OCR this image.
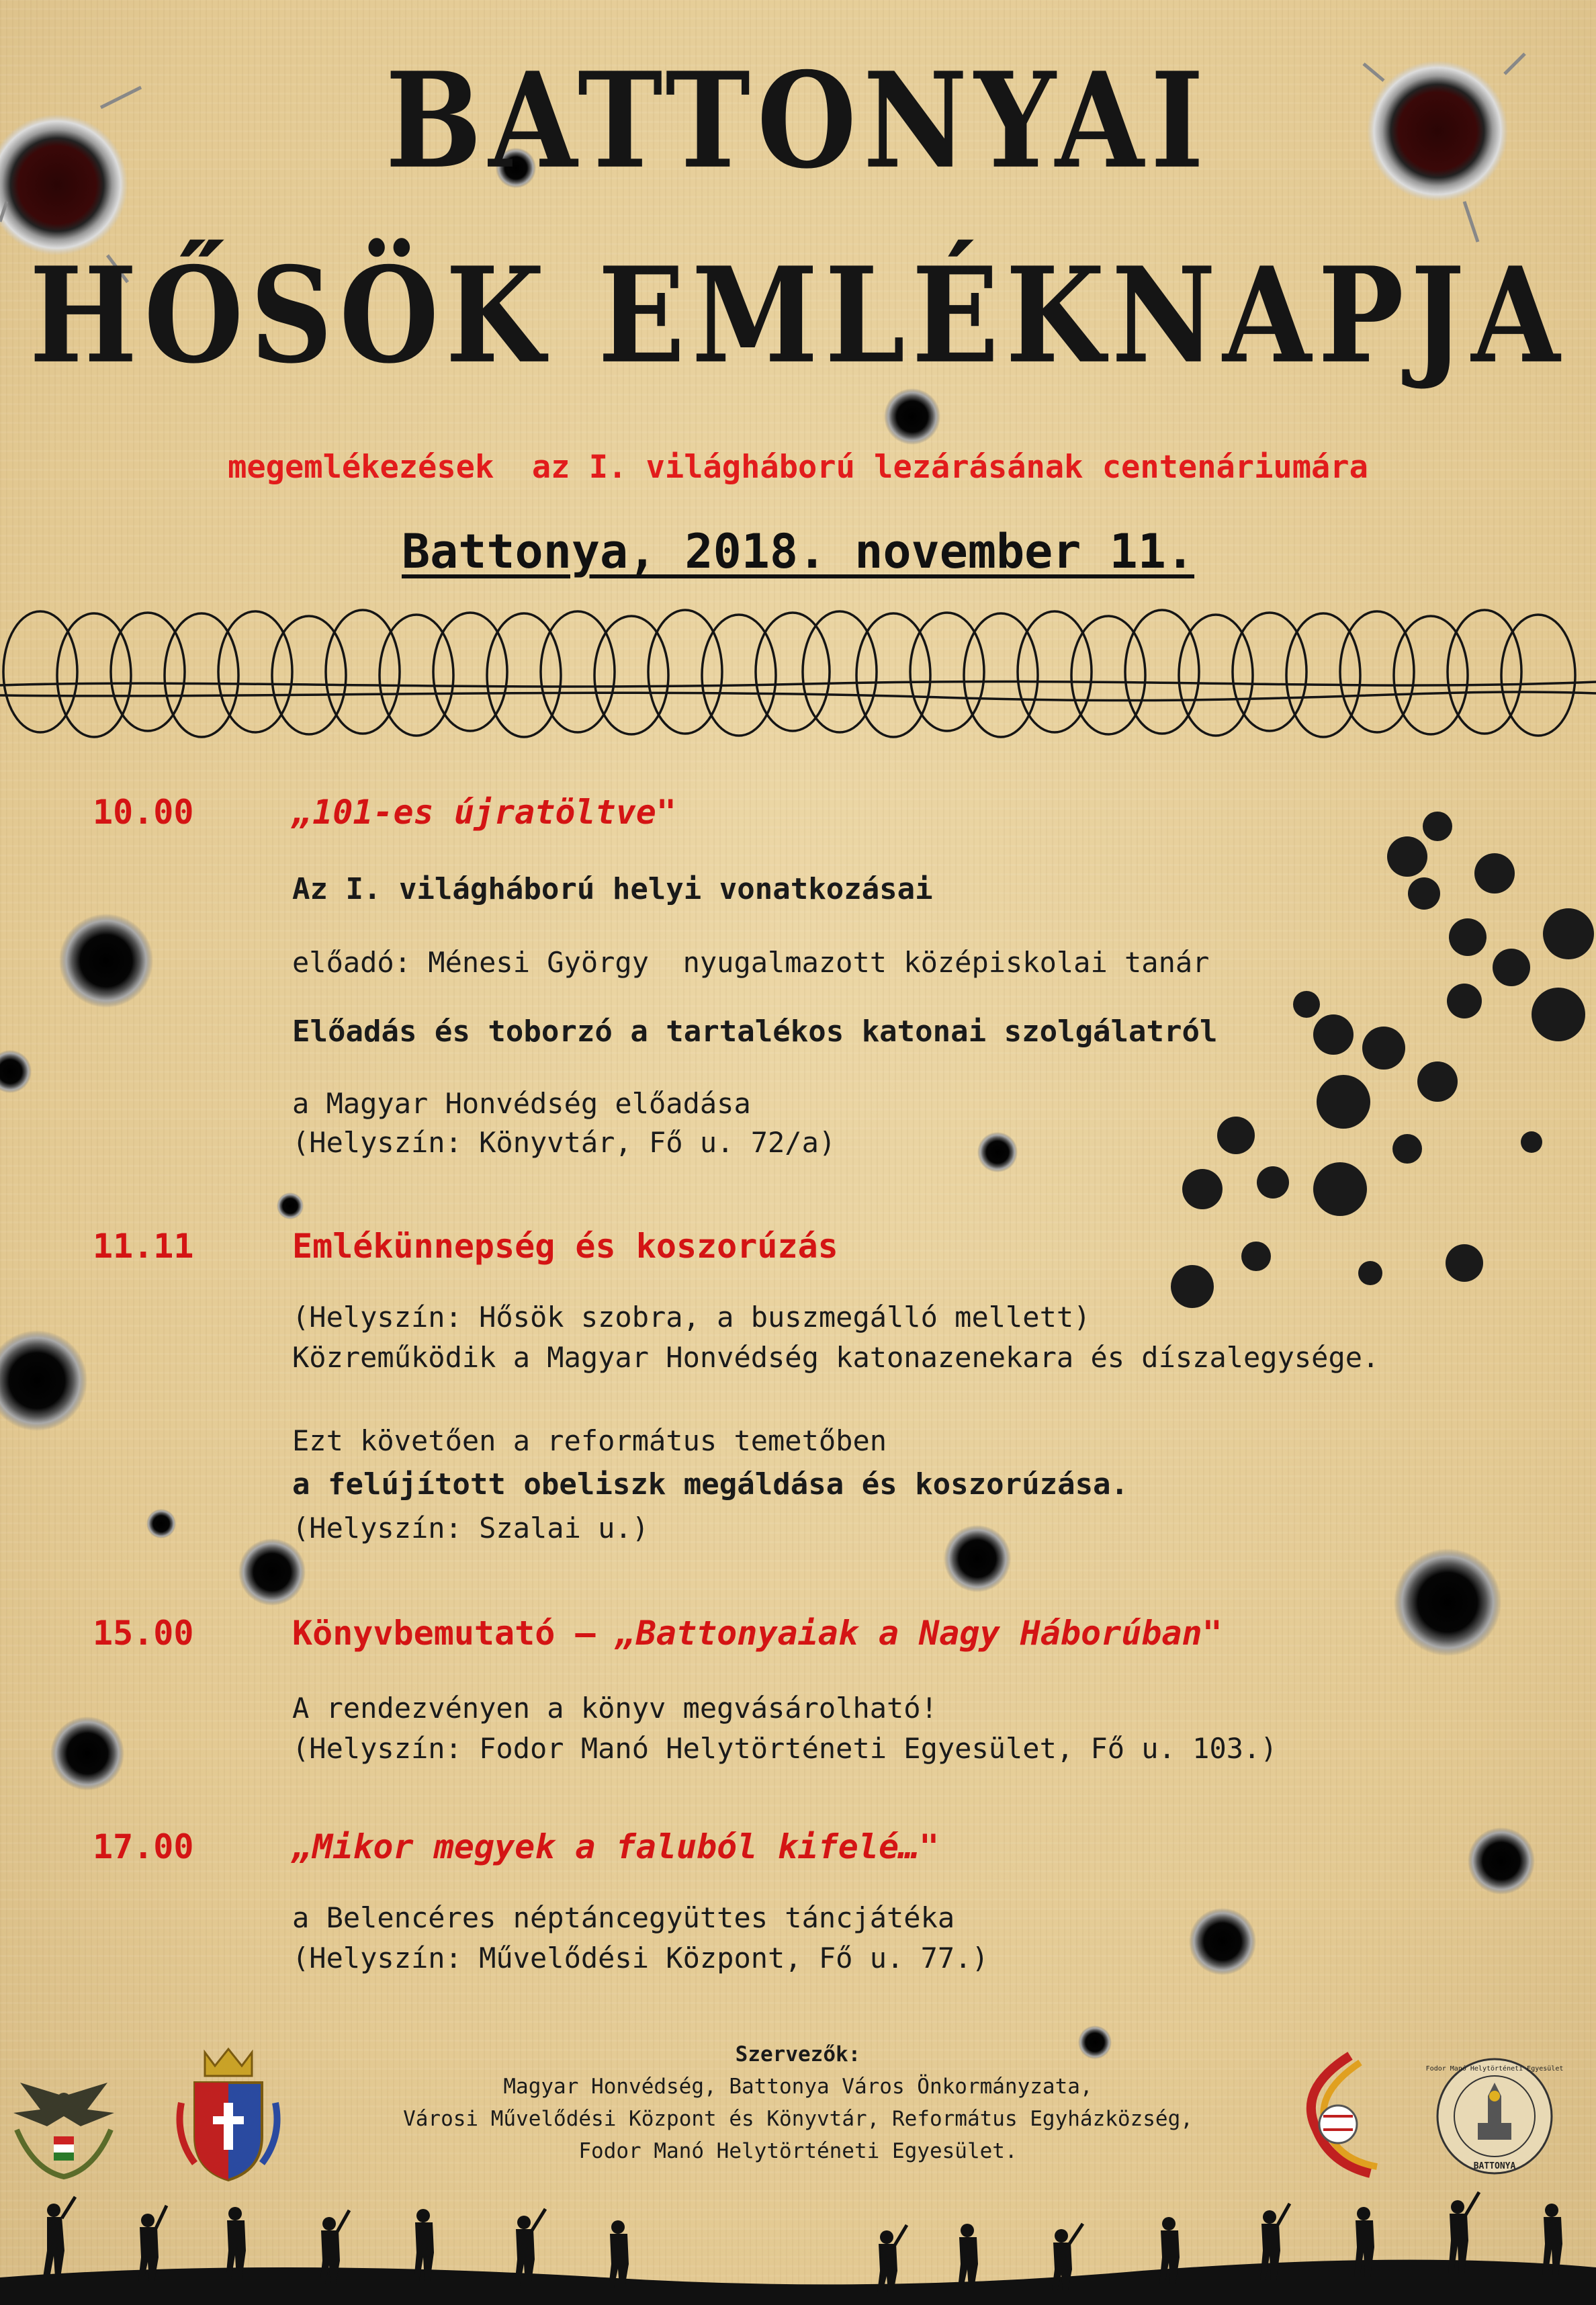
BATTONYAI
HŐSÖK EMLÉKNAPJA
megemlékezések  az I. világháború lezárásának centenáriumára
Battonya, 2018. november 11.
10.00	„101-es újratöltve"
Az I. világháború helyi vonatkozásai
előadó: Ménesi György  nyugalmazott középiskolai tanár
Előadás és toborzó a tartalékos katonai szolgálatról
a Magyar Honvédség előadása
(Helyszín: Könyvtár, Fő u. 72/a)
11.11	Emlékünnepség és koszorúzás
(Helyszín: Hősök szobra, a buszmegálló mellett)
Közreműködik a Magyar Honvédség katonazenekara és díszalegysége.
Ezt követően a református temetőben
a felújított obeliszk megáldása és koszorúzása.
(Helyszín: Szalai u.)
15.00	Könyvbemutató – „Battonyaiak a Nagy Háborúban"
A rendezvényen a könyv megvásárolható!
(Helyszín: Fodor Manó Helytörténeti Egyesület, Fő u. 103.)
17.00	„Mikor megyek a faluból kifelé…"
a Belencéres néptáncegyüttes táncjátéka
(Helyszín: Művelődési Központ, Fő u. 77.)
Szervezők:
Magyar Honvédség, Battonya Város Önkormányzata,
Városi Művelődési Központ és Könyvtár, Református Egyházközség,
Fodor Manó Helytörténeti Egyesület.
Fodor Manó Helytörténeti Egyesület
BATTONYA
